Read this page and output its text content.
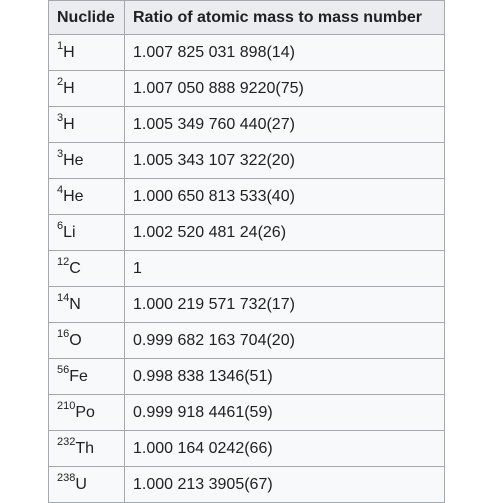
Nuclide	Ratio of atomic mass to mass number
$^1$H	1.007 825 031 898(14)
$^2$H	1.007 050 888 9220(75)
$^3$H	1.005 349 760 440(27)
$^3$He	1.005 343 107 322(20)
$^4$He	1.000 650 813 533(40)
$^6$Li	1.002 520 481 24(26)
$^{12}$C	1
$^{14}$N	1.000 219 571 732(17)
$^{16}$O	0.999 682 163 704(20)
$^{56}$Fe	0.998 838 1346(51)
$^{210}$Po	0.999 918 4461(59)
$^{232}$Th	1.000 164 0242(66)
$^{238}$U	1.000 213 3905(67)
